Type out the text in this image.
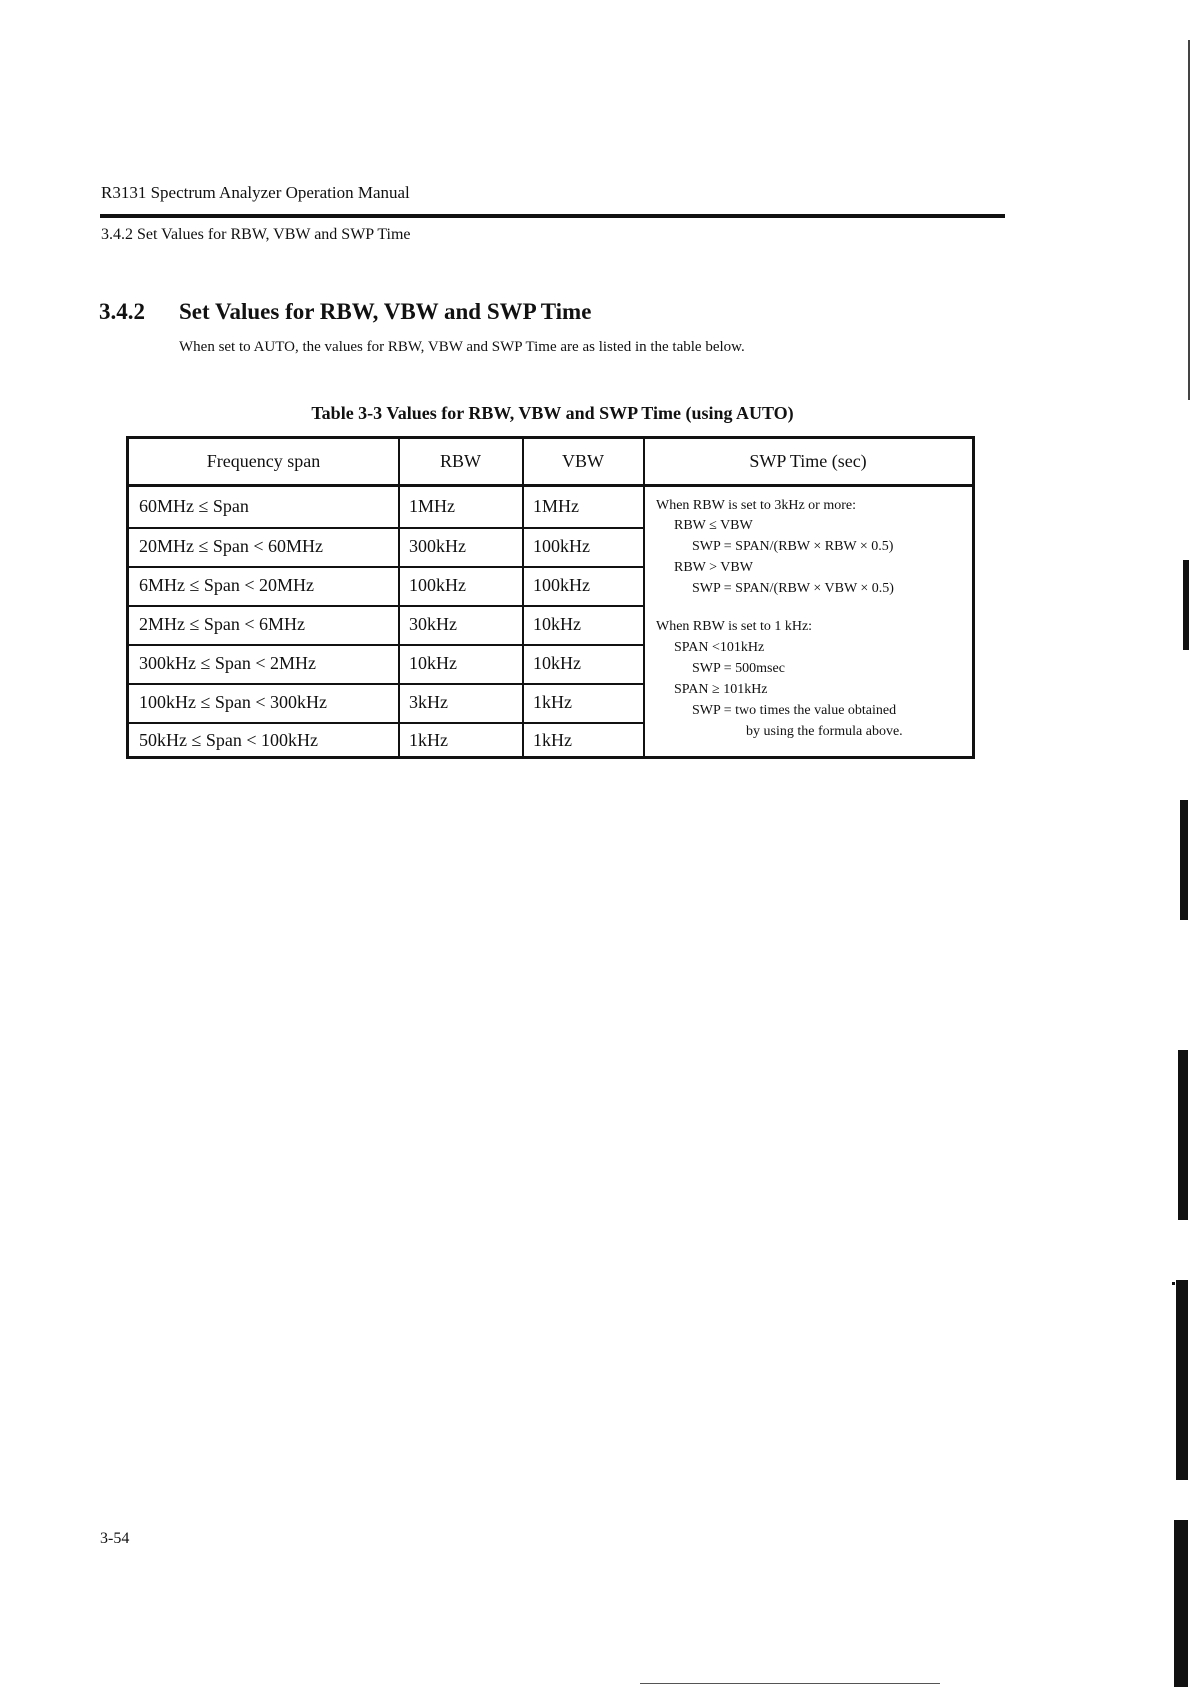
R3131 Spectrum Analyzer Operation Manual
3.4.2 Set Values for RBW, VBW and SWP Time
3.4.2 Set Values for RBW, VBW and SWP Time
When set to AUTO, the values for RBW, VBW and SWP Time are as listed in the table below.
Table 3-3 Values for RBW, VBW and SWP Time (using AUTO)
Frequency span	RBW	VBW	SWP Time (sec)
60MHz ≤ Span	1MHz	1MHz
20MHz ≤ Span < 60MHz	300kHz	100kHz
6MHz ≤ Span < 20MHz	100kHz	100kHz
2MHz ≤ Span < 6MHz	30kHz	10kHz
300kHz ≤ Span < 2MHz	10kHz	10kHz
100kHz ≤ Span < 300kHz	3kHz	1kHz
50kHz ≤ Span < 100kHz	1kHz	1kHz
When RBW is set to 3kHz or more:
RBW ≤ VBW
SWP = SPAN/(RBW × RBW × 0.5)
RBW > VBW
SWP = SPAN/(RBW × VBW × 0.5)
When RBW is set to 1 kHz:
SPAN <101kHz
SWP = 500msec
SPAN ≥ 101kHz
SWP = two times the value obtained
by using the formula above.
3-54
